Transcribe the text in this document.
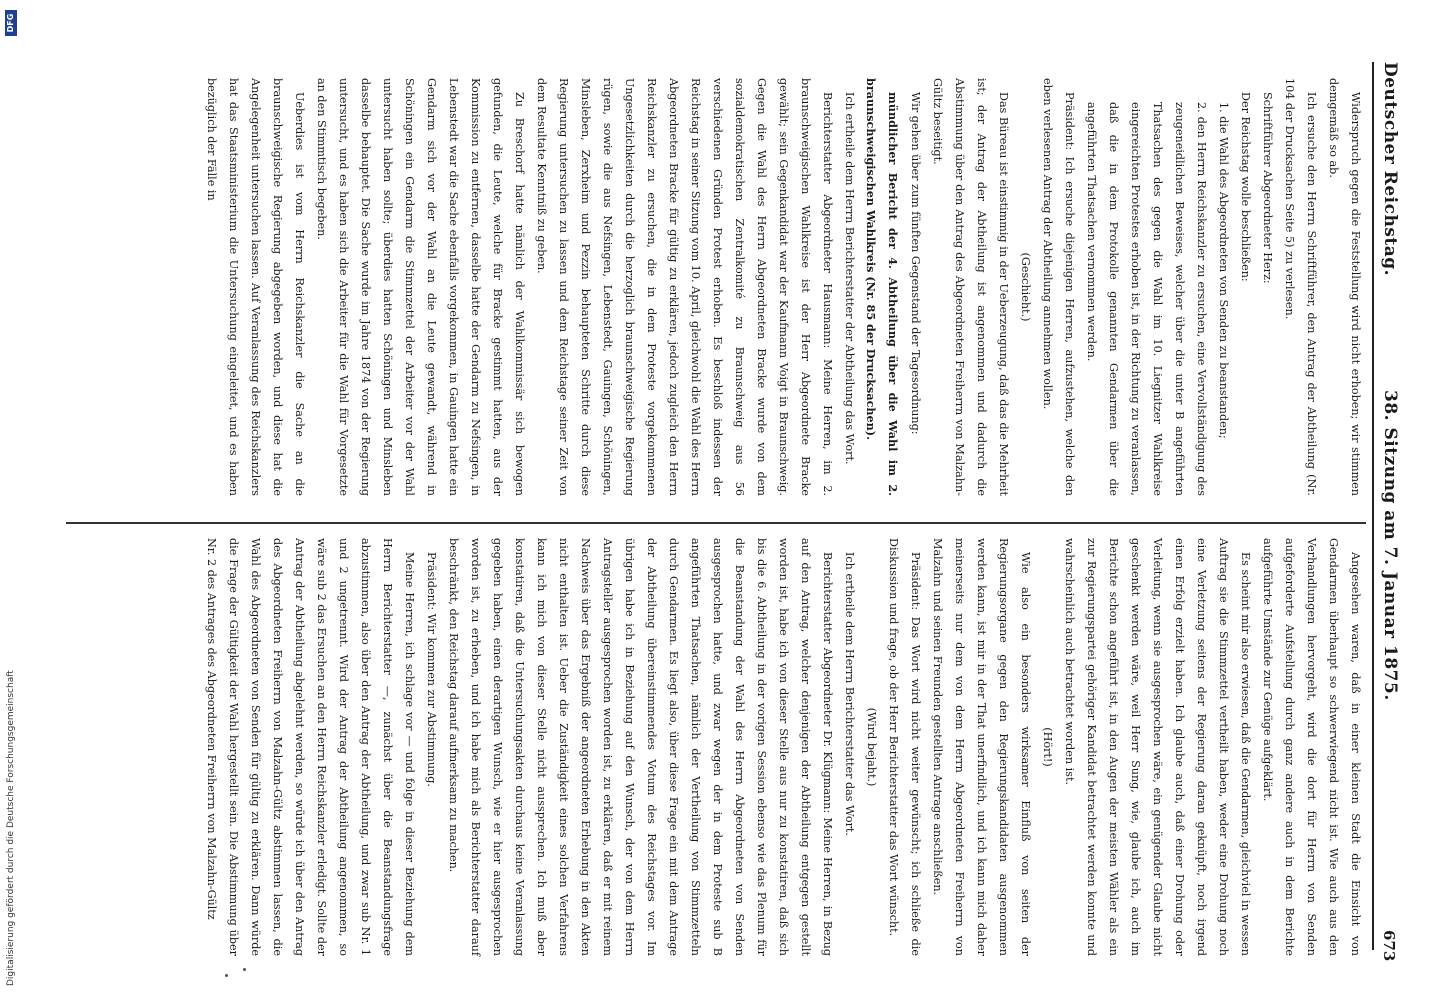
Deutscher Reichstag.
38. Sitzung am 7. Januar 1875.
673

Widerspruch gegen die Feststellung wird nicht erhoben; wir stimmen demgemäß so ab.

Ich ersuche den Herrn Schriftführer, den Antrag der Abtheilung (Nr. 104 der Drucksachen Seite 5) zu verlesen.

Schriftführer Abgeordneter Herz:

Der Reichstag wolle beschließen:

1. die Wahl des Abgeordneten von Senden zu beanstanden;

2. den Herrn Reichskanzler zu ersuchen, eine Vervollständigung des zeugeneidlichen Beweises, welcher über die unter B angeführten Thatsachen des gegen die Wahl im 10. Liegnitzer Wahlkreise eingereichten Protestes erhoben ist, in der Richtung zu veranlassen, daß die in dem Protokolle genannten Gendarmen über die angeführten Thatsachen vernommen werden.

Präsident: Ich ersuche diejenigen Herren, aufzustehen, welche den eben verlesenen Antrag der Abtheilung annehmen wollen.

(Geschieht.)

Das Büreau ist einstimmig in der Ueberzeugung, daß das die Mehrheit ist; der Antrag der Abtheilung ist angenommen und dadurch die Abstimmung über den Antrag des Abgeordneten Freiherrn von Malzahn-Gültz beseitigt.

Wir gehen über zum fünften Gegenstand der Tagesordnung:

mündlicher Bericht der 4. Abtheilung über die Wahl im 2. braunschweigischen Wahlkreis (Nr. 85 der Drucksachen).

Ich ertheile dem Herrn Berichterstatter der Abtheilung das Wort.

Berichterstatter Abgeordneter Hausmann: Meine Herren, im 2. braunschweigischen Wahlkreise ist der Herr Abgeordnete Bracke gewählt; sein Gegenkandidat war der Kaufmann Voigt in Braunschweig. Gegen die Wahl des Herrn Abgeordneten Bracke wurde von dem sozialdemokratischen Zentralkomité zu Braunschweig aus 56 verschiedenen Gründen Protest erhoben. Es beschloß indessen der Reichstag in seiner Sitzung vom 10. April, gleichwohl die Wahl des Herrn Abgeordneten Bracke für gültig zu erklären, jedoch zugleich den Herrn Reichskanzler zu ersuchen, die in dem Proteste vorgekommenen Ungesetzlichkeiten durch die herzoglich braunschweigische Regierung rügen, sowie die aus Nefsingen, Lebenstedt, Gauingen, Schöningen, Minsleben, Zerxheim und Pezzin behaupteten Schritte durch diese Regierung untersuchen zu lassen und dem Reichstage seiner Zeit von dem Resultate Kenntniß zu geben.

Zu Breschorf hatte nämlich der Wahlkommissär sich bewogen gefunden, die Leute, welche für Bracke gestimmt hatten, aus der Kommission zu entfernen, dasselbe hatte der Gendarm zu Nefsingen, in Lebenstedt war die Sache ebenfalls vorgekommen, in Gauingen hatte ein Gendarm sich vor der Wahl an die Leute gewandt, während in Schöningen ein Gendarm die Stimmzettel der Arbeiter vor der Wahl untersucht haben sollte; überdies hatten Schöningen und Minsleben dasselbe behauptet. Die Sache wurde im Jahre 1874 von der Regierung untersucht, und es haben sich die Arbeiter für die Wahl für Vorgesetzte an den Stimmtisch begeben.

Ueberdies ist vom Herrn Reichskanzler die Sache an die braunschweigische Regierung abgegeben worden, und diese hat die Angelegenheit untersuchen lassen. Auf Veranlassung des Reichskanzlers hat das Staatsministerium die Untersuchung eingeleitet, und es haben bezüglich der Fälle in

Angesehen waren, daß in einer kleinen Stadt die Einsicht von Gendarmen überhaupt so schwerwiegend nicht ist. Wie auch aus den Verhandlungen hervorgeht, wird die dort für Herrn von Senden aufgeforderte Aufstellung durch ganz andere auch in dem Berichte aufgeführte Umstände zur Genüge aufgeklärt.

Es scheint mir also erwiesen, daß die Gendarmen, gleichviel in wessen Auftrag sie die Stimmzettel vertheilt haben, weder eine Drohung noch eine Verletzung seitens der Regierung daran geknüpft, noch irgend einen Erfolg erzielt haben. Ich glaube auch, daß einer Drohung oder Verleitung, wenn sie ausgesprochen wäre, ein genügender Glaube nicht geschenkt werden wäre, weil Herr Sung, wie, glaube ich, auch im Berichte schon angeführt ist, in den Augen der meisten Wähler als ein zur Regierungspartei gehöriger Kandidat betrachtet werden konnte und wahrscheinlich auch betrachtet worden ist.

(Hört!)

Wie also ein besonders wirksamer Einfluß von seiten der Regierungsorgane gegen den Regierungskandidaten ausgenommen werden kann, ist mir in der That unerfindlich, und ich kann mich daher meinerseits nur dem von dem Herrn Abgeordneten Freiherrn von Malzahn und seinen Freunden gestellten Antrage anschließen.

Präsident: Das Wort wird nicht weiter gewünscht; ich schließe die Diskussion und frage, ob der Herr Berichterstatter das Wort wünscht.

(Wird bejaht.)

Ich ertheile dem Herrn Berichterstatter das Wort.

Berichterstatter Abgeordneter Dr. Klügmann: Meine Herren, in Bezug auf den Antrag, welcher denjenigen der Abtheilung entgegen gestellt worden ist, habe ich von dieser Stelle aus nur zu konstatiren, daß sich bis die 6. Abtheilung in der vorigen Session ebenso wie das Plenum für die Beanstandung der Wahl des Herrn Abgeordneten von Senden ausgesprochen hatte, und zwar wegen der in dem Proteste sub B angeführten Thatsachen, nämlich der Vertheilung von Stimmzetteln durch Gendarmen. Es liegt also, über diese Frage ein mit dem Antrage der Abtheilung übereinstimmendes Votum des Reichstages vor. Im übrigen habe ich in Beziehung auf den Wunsch, der von dem Herrn Antragsteller ausgesprochen worden ist, zu erklären, daß er mit reinem Nachweis über das Ergebniß der angeordneten Erhebung in den Akten nicht enthalten ist. Ueber die Zuständigkeit eines solchen Verfahrens kann ich mich von dieser Stelle nicht aussprechen. Ich muß aber konstatiren, daß die Untersuchungsakten durchaus keine Veranlassung gegeben haben, einen derartigen Wunsch, wie er hier ausgesprochen worden ist, zu erheben, und ich habe mich als Berichterstatter darauf beschränkt, den Reichstag darauf aufmerksam zu machen.

Präsident: Wir kommen zur Abstimmung.

Meine Herren, ich schlage vor — und folge in dieser Beziehung dem Herrn Berichterstatter —, zunächst über die Beanstandungsfrage abzustimmen, also über den Antrag der Abtheilung, und zwar sub Nr. 1 und 2 ungetrennt. Wird der Antrag der Abtheilung angenommen, so wäre sub 2 das Ersuchen an den Herrn Reichskanzler erledigt. Sollte der Antrag der Abtheilung abgelehnt werden, so würde ich über den Antrag des Abgeordneten Freiherrn von Malzahn-Gültz abstimmen lassen, die Wahl des Abgeordneten von Senden für gültig zu erklären. Dann würde die Frage der Gültigkeit der Wahl hergestellt sein. Die Abstimmung über Nr. 2 des Antrages des Abgeordneten Freiherrn von Malzahn-Gültz

Digitalisierung gefördert durch die Deutsche Forschungsgemeinschaft
DFG
